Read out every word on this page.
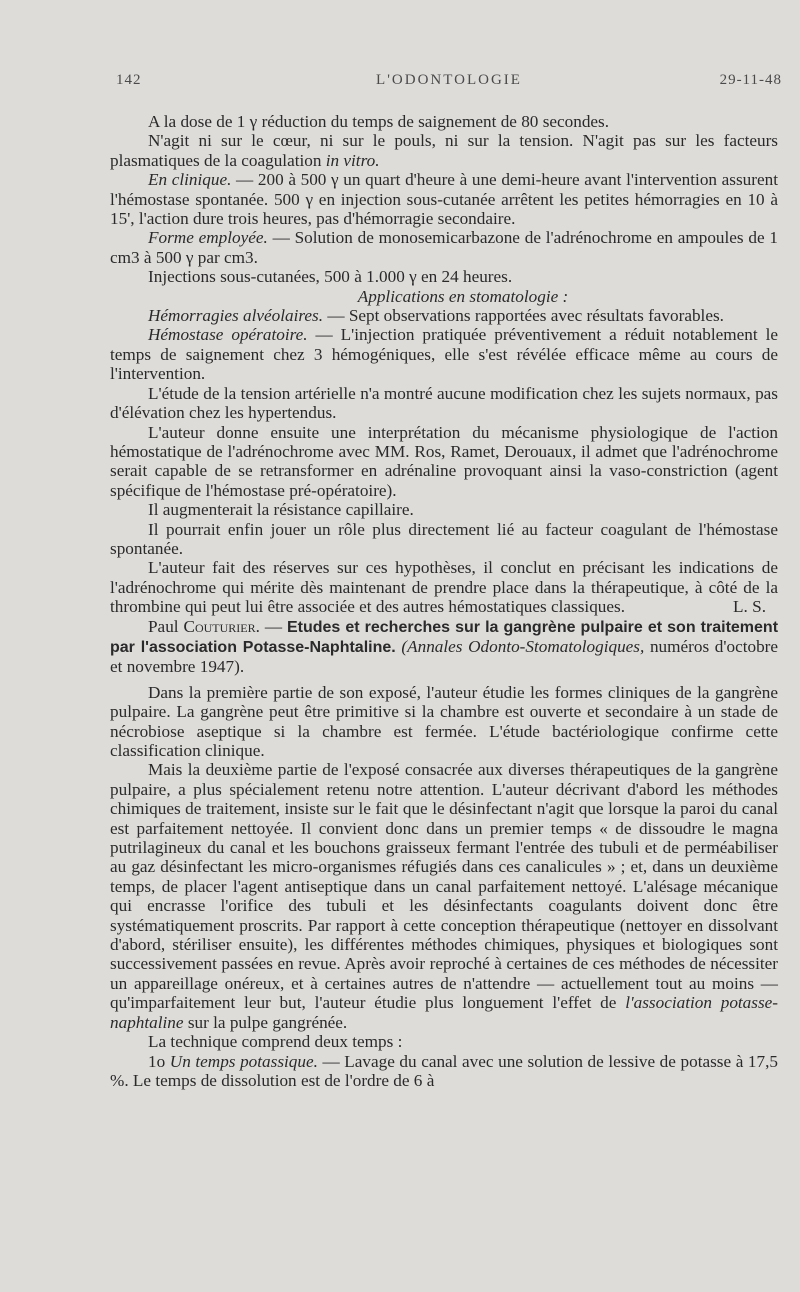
142	L'ODONTOLOGIE	29-11-48

A la dose de 1 γ réduction du temps de saignement de 80 secondes.

N'agit ni sur le cœur, ni sur le pouls, ni sur la tension. N'agit pas sur les facteurs plasmatiques de la coagulation in vitro.

En clinique. — 200 à 500 γ un quart d'heure à une demi-heure avant l'intervention assurent l'hémostase spontanée. 500 γ en injection sous-cutanée arrêtent les petites hémorragies en 10 à 15', l'action dure trois heures, pas d'hémorragie secondaire.

Forme employée. — Solution de monosemicarbazone de l'adrénochrome en ampoules de 1 cm3 à 500 γ par cm3.

Injections sous-cutanées, 500 à 1.000 γ en 24 heures.

Applications en stomatologie :

Hémorragies alvéolaires. — Sept observations rapportées avec résultats favorables.

Hémostase opératoire. — L'injection pratiquée préventivement a réduit notablement le temps de saignement chez 3 hémogéniques, elle s'est révélée efficace même au cours de l'intervention.

L'étude de la tension artérielle n'a montré aucune modification chez les sujets normaux, pas d'élévation chez les hypertendus.

L'auteur donne ensuite une interprétation du mécanisme physiologique de l'action hémostatique de l'adrénochrome avec MM. Ros, Ramet, Derouaux, il admet que l'adrénochrome serait capable de se retransformer en adrénaline provoquant ainsi la vaso-constriction (agent spécifique de l'hémostase pré-opératoire).

Il augmenterait la résistance capillaire.

Il pourrait enfin jouer un rôle plus directement lié au facteur coagulant de l'hémostase spontanée.

L'auteur fait des réserves sur ces hypothèses, il conclut en précisant les indications de l'adrénochrome qui mérite dès maintenant de prendre place dans la thérapeutique, à côté de la thrombine qui peut lui être associée et des autres hémostatiques classiques.	L. S.

Paul Couturier. — Etudes et recherches sur la gangrène pulpaire et son traitement par l'association Potasse-Naphtaline. (Annales Odonto-Stomatologiques, numéros d'octobre et novembre 1947).

Dans la première partie de son exposé, l'auteur étudie les formes cliniques de la gangrène pulpaire. La gangrène peut être primitive si la chambre est ouverte et secondaire à un stade de nécrobiose aseptique si la chambre est fermée. L'étude bactériologique confirme cette classification clinique.

Mais la deuxième partie de l'exposé consacrée aux diverses thérapeutiques de la gangrène pulpaire, a plus spécialement retenu notre attention. L'auteur décrivant d'abord les méthodes chimiques de traitement, insiste sur le fait que le désinfectant n'agit que lorsque la paroi du canal est parfaitement nettoyée. Il convient donc dans un premier temps « de dissoudre le magna putrilagineux du canal et les bouchons graisseux fermant l'entrée des tubuli et de perméabiliser au gaz désinfectant les micro-organismes réfugiés dans ces canalicules » ; et, dans un deuxième temps, de placer l'agent antiseptique dans un canal parfaitement nettoyé. L'alésage mécanique qui encrasse l'orifice des tubuli et les désinfectants coagulants doivent donc être systématiquement proscrits. Par rapport à cette conception thérapeutique (nettoyer en dissolvant d'abord, stériliser ensuite), les différentes méthodes chimiques, physiques et biologiques sont successivement passées en revue. Après avoir reproché à certaines de ces méthodes de nécessiter un appareillage onéreux, et à certaines autres de n'attendre — actuellement tout au moins — qu'imparfaitement leur but, l'auteur étudie plus longuement l'effet de l'association potasse-naphtaline sur la pulpe gangrénée.

La technique comprend deux temps :

1o Un temps potassique. — Lavage du canal avec une solution de lessive de potasse à 17,5 %. Le temps de dissolution est de l'ordre de 6 à
